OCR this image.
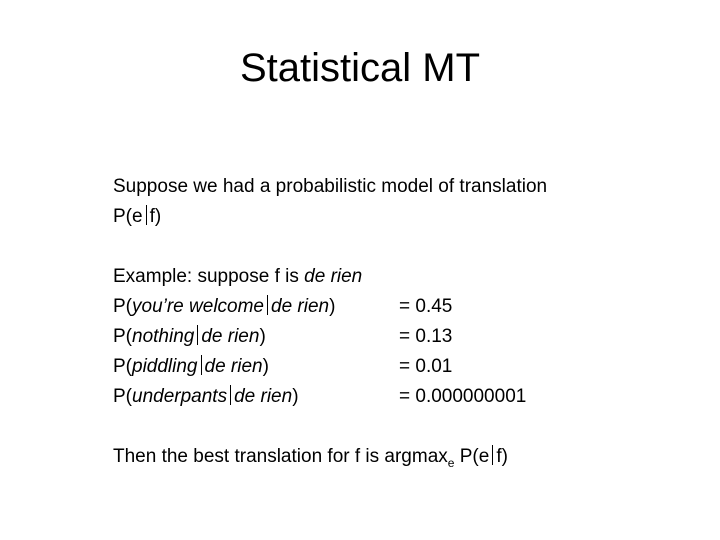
Statistical MT
Suppose we had a probabilistic model of translation
P(e f)
Example: suppose f is de rien
P(you’re welcome de rien)	= 0.45
P(nothing de rien)	= 0.13
P(piddling de rien)	= 0.01
P(underpants de rien)	= 0.000000001
Then the best translation for f is argmax$_e$ P(e f)
